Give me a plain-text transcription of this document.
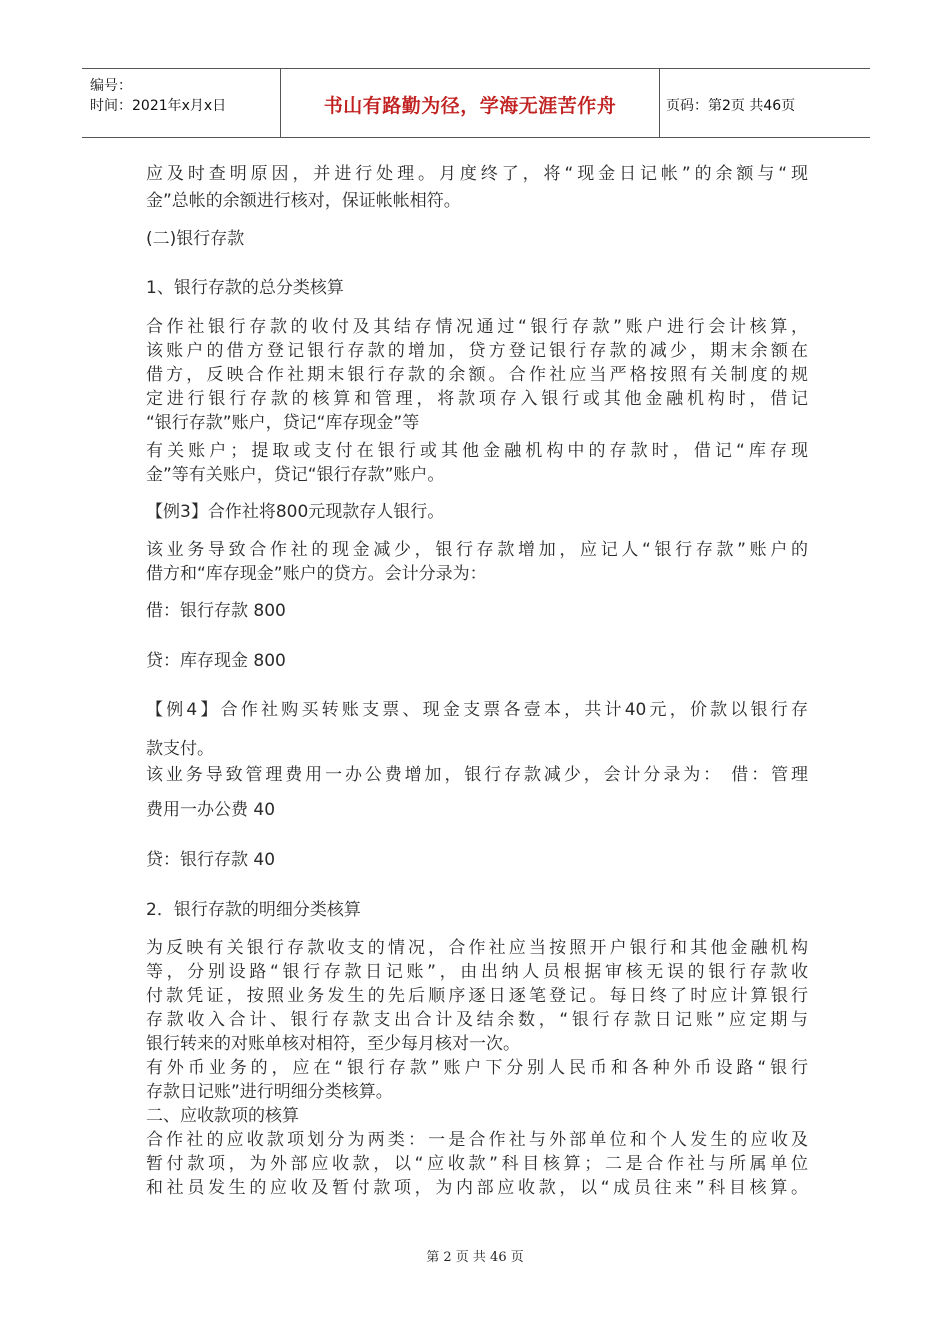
编号：
时间：2021年x月x日	书山有路勤为径，学海无涯苦作舟	页码：第2页 共46页
应及时查明原因，并进行处理。月度终了，将“现金日记帐”的余额与“现
金”总帐的余额进行核对，保证帐帐相符。
(二)银行存款
1、银行存款的总分类核算
合作社银行存款的收付及其结存情况通过“银行存款”账户进行会计核算，
该账户的借方登记银行存款的增加，贷方登记银行存款的减少，期末余额在
借方，反映合作社期末银行存款的余额。合作社应当严格按照有关制度的规
定进行银行存款的核算和管理，将款项存入银行或其他金融机构时，借记
“银行存款”账户，贷记“库存现金”等
有关账户；提取或支付在银行或其他金融机构中的存款时，借记“库存现
金”等有关账户，贷记“银行存款”账户。
【例3】合作社将800元现款存人银行。
该业务导致合作社的现金减少，银行存款增加，应记人“银行存款”账户的
借方和“库存现金”账户的贷方。会计分录为：
借：银行存款 800
贷：库存现金 800
【例4】合作社购买转账支票、现金支票各壹本，共计40元，价款以银行存
款支付。
该业务导致管理费用一办公费增加，银行存款减少，会计分录为： 借：管理
费用一办公费 40
贷：银行存款 40
2．银行存款的明细分类核算
为反映有关银行存款收支的情况，合作社应当按照开户银行和其他金融机构
等，分别设路“银行存款日记账”，由出纳人员根据审核无误的银行存款收
付款凭证，按照业务发生的先后顺序逐日逐笔登记。每日终了时应计算银行
存款收入合计、银行存款支出合计及结余数，“银行存款日记账”应定期与
银行转来的对账单核对相符，至少每月核对一次。
有外币业务的，应在“银行存款”账户下分别人民币和各种外币设路“银行
存款日记账”进行明细分类核算。
二、应收款项的核算
合作社的应收款项划分为两类：一是合作社与外部单位和个人发生的应收及
暂付款项，为外部应收款，以“应收款”科目核算；二是合作社与所属单位
和社员发生的应收及暂付款项，为内部应收款，以“成员往来”科目核算。
第 2 页 共 46 页
